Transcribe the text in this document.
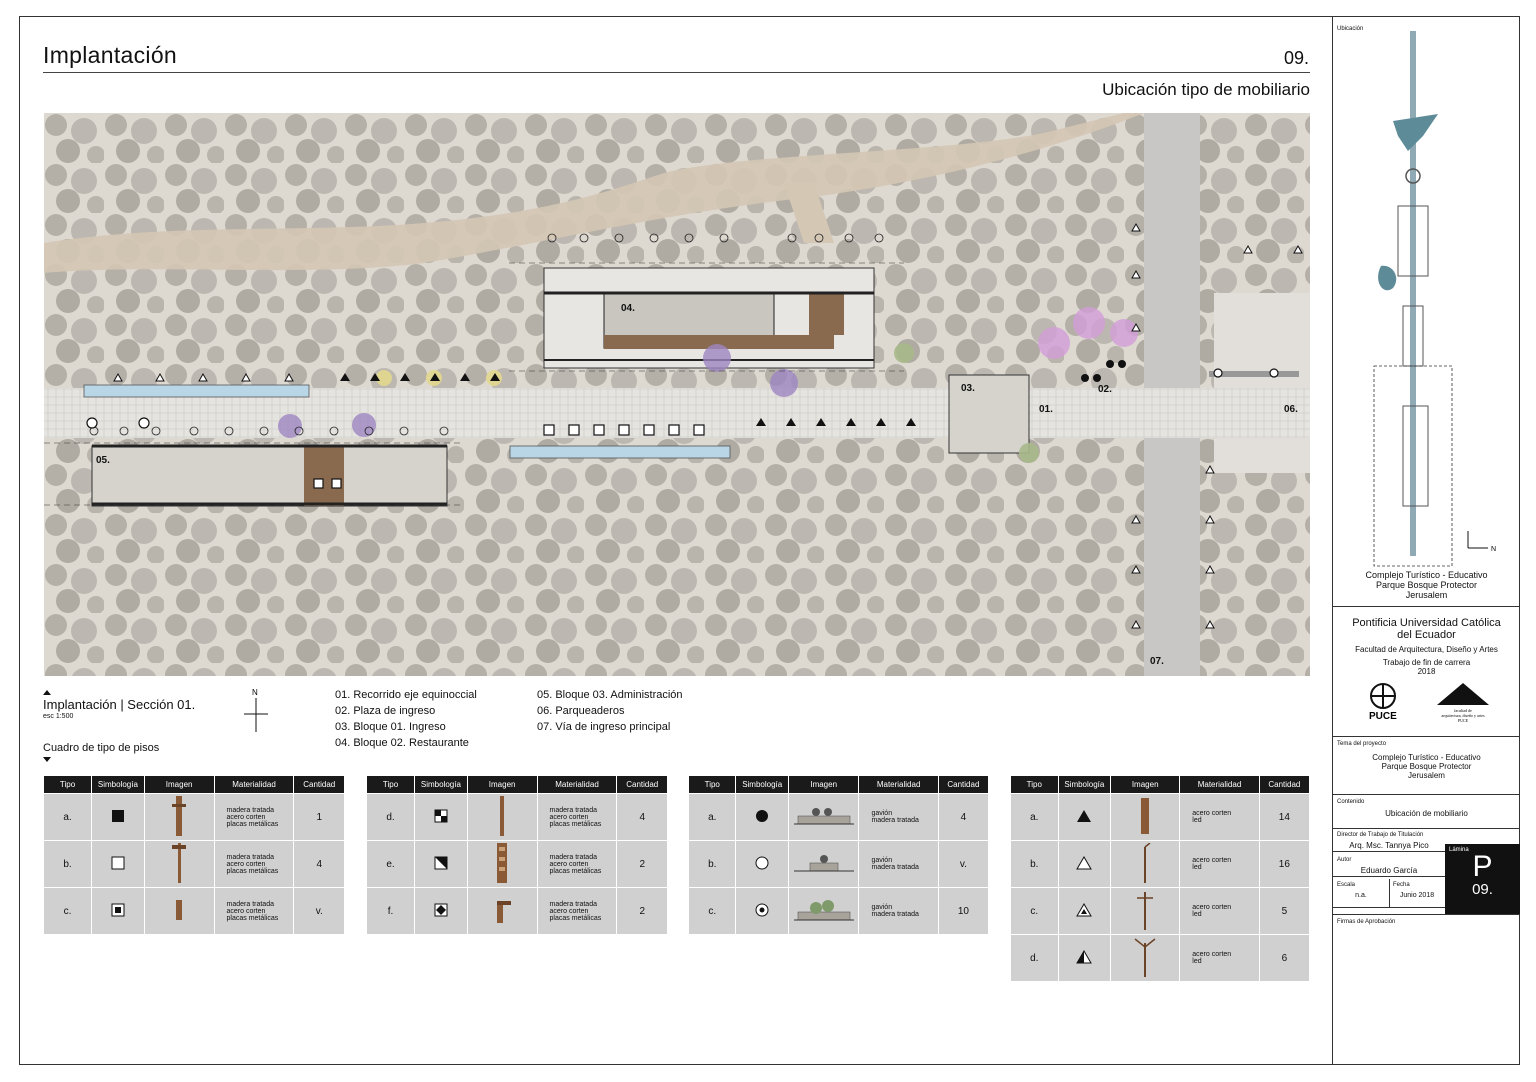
Implantación	09.
Ubicación tipo de mobiliario
04.
05.
03.
01.
02.
06.
07.
Implantación | Sección 01.
esc 1:500
N	01. Recorrido eje equinoccial
02. Plaza de ingreso
03. Bloque 01. Ingreso
04. Bloque 02. Restaurante
05. Bloque 03. Administración
06. Parqueaderos
07. Vía de ingreso principal
Cuadro de tipo de pisos
Tipo	Simbología	Imagen	Materialidad	Cantidad
a.			madera tratada
acero corten
placas metálicas	1
b.			madera tratada
acero corten
placas metálicas	4
c.			madera tratada
acero corten
placas metálicas	v.
Tipo	Simbología	Imagen	Materialidad	Cantidad
d.			madera tratada
acero corten
placas metálicas	4
e.			madera tratada
acero corten
placas metálicas	2
f.			madera tratada
acero corten
placas metálicas	2
Tipo	Simbología	Imagen	Materialidad	Cantidad
a.			gavión
madera tratada	4
b.			gavión
madera tratada	v.
c.			gavión
madera tratada	10
Tipo	Simbología	Imagen	Materialidad	Cantidad
a.			acero corten
led	14
b.			acero corten
led	16
c.			acero corten
led	5
d.			acero corten
led	6
Ubicación
N
Complejo Turístico - Educativo
Parque Bosque Protector
Jerusalem
Pontificia Universidad Católica
del Ecuador
Facultad de Arquitectura, Diseño y Artes
Trabajo de fin de carrera
2018
PUCE
facultad de
arquitectura, diseño y artes
PUCE
Tema del proyecto
Complejo Turístico - Educativo
Parque Bosque Protector
Jerusalem
Contenido
Ubicación de mobiliario
Director de Trabajo de Titulación
Arq. Msc. Tannya Pico
Autor
Eduardo García
Escala
n.a.
Fecha
Junio 2018
Lámina P
09.
Firmas de Aprobación
